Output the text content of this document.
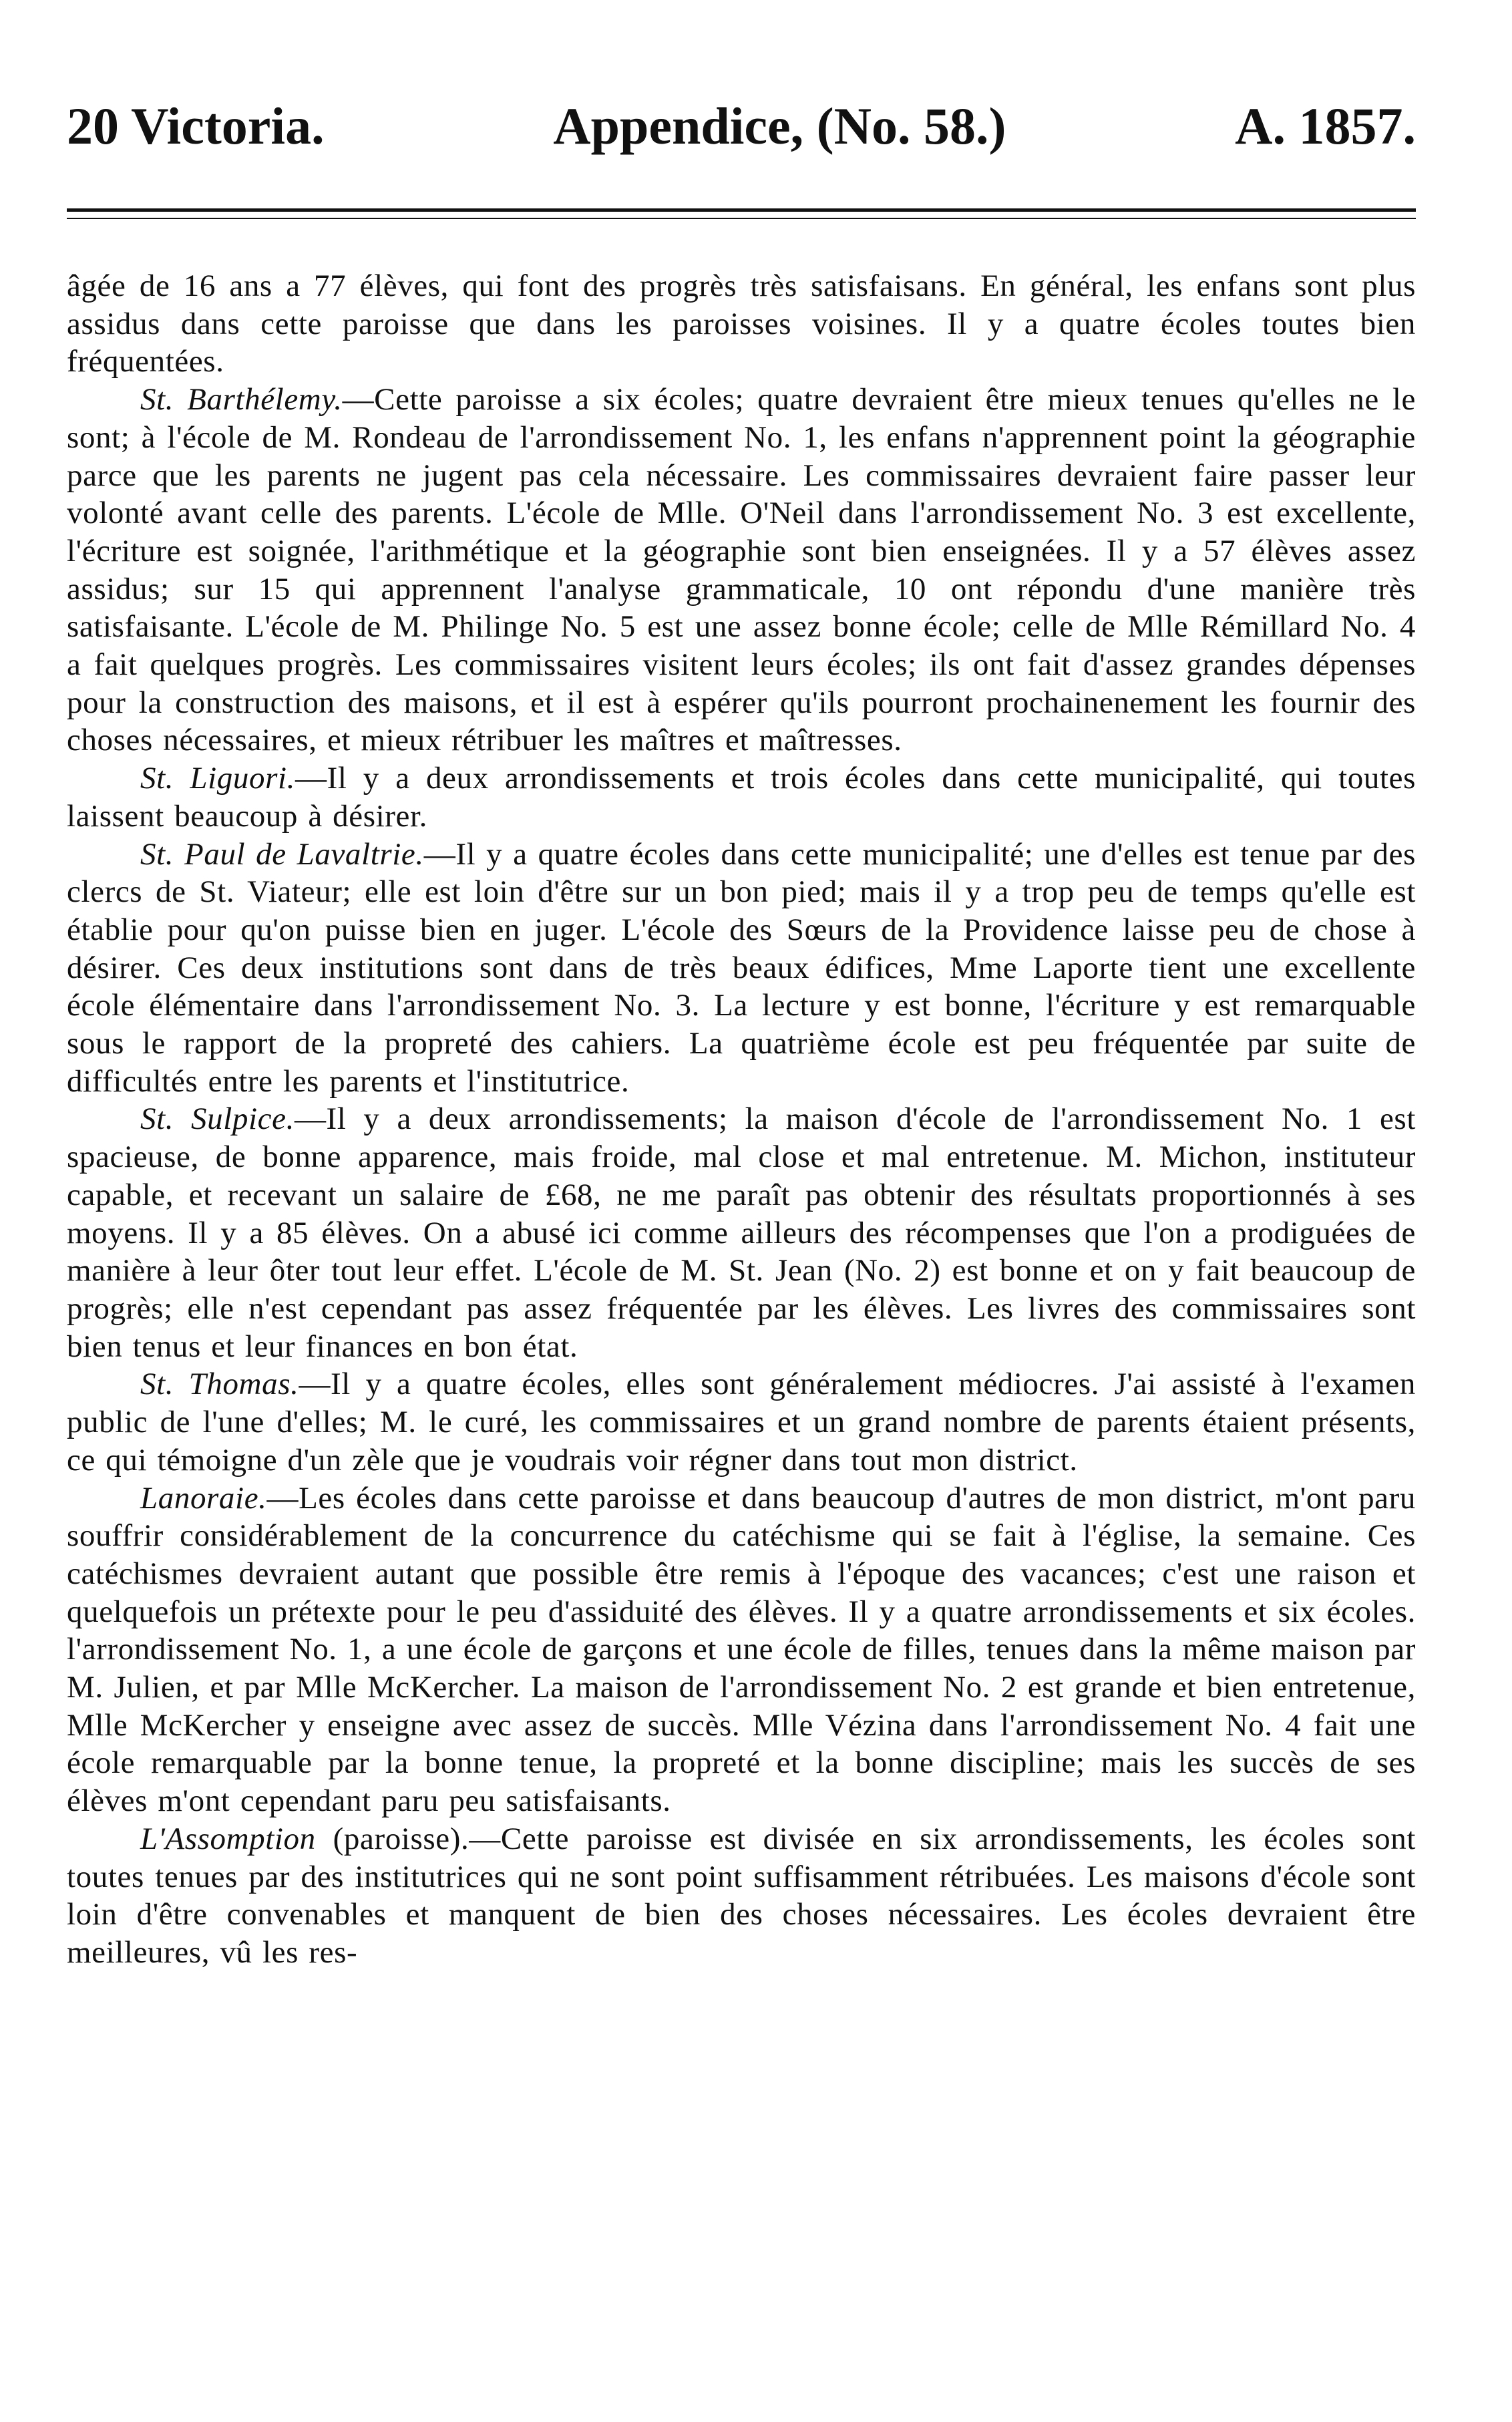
20 Victoria.	Appendice, (No. 58.)	A. 1857.

âgée de 16 ans a 77 élèves, qui font des progrès très satisfaisans. En général, les enfans sont plus assidus dans cette paroisse que dans les paroisses voisines. Il y a quatre écoles toutes bien fréquentées.

St. Barthélemy.—Cette paroisse a six écoles; quatre devraient être mieux tenues qu'elles ne le sont; à l'école de M. Rondeau de l'arrondissement No. 1, les enfans n'apprennent point la géographie parce que les parents ne jugent pas cela nécessaire. Les commissaires devraient faire passer leur volonté avant celle des parents. L'école de Mlle. O'Neil dans l'arrondissement No. 3 est excellente, l'écriture est soignée, l'arithmétique et la géographie sont bien enseignées. Il y a 57 élèves assez assidus; sur 15 qui apprennent l'analyse grammaticale, 10 ont répondu d'une manière très satisfaisante. L'école de M. Philinge No. 5 est une assez bonne école; celle de Mlle Rémillard No. 4 a fait quelques progrès. Les commissaires visitent leurs écoles; ils ont fait d'assez grandes dépenses pour la construction des maisons, et il est à espérer qu'ils pourront prochainenement les fournir des choses nécessaires, et mieux rétribuer les maîtres et maîtresses.

St. Liguori.—Il y a deux arrondissements et trois écoles dans cette municipalité, qui toutes laissent beaucoup à désirer.

St. Paul de Lavaltrie.—Il y a quatre écoles dans cette municipalité; une d'elles est tenue par des clercs de St. Viateur; elle est loin d'être sur un bon pied; mais il y a trop peu de temps qu'elle est établie pour qu'on puisse bien en juger. L'école des Sœurs de la Providence laisse peu de chose à désirer. Ces deux institutions sont dans de très beaux édifices, Mme Laporte tient une excellente école élémentaire dans l'arrondissement No. 3. La lecture y est bonne, l'écriture y est remarquable sous le rapport de la propreté des cahiers. La quatrième école est peu fréquentée par suite de difficultés entre les parents et l'institutrice.

St. Sulpice.—Il y a deux arrondissements; la maison d'école de l'arrondissement No. 1 est spacieuse, de bonne apparence, mais froide, mal close et mal entretenue. M. Michon, instituteur capable, et recevant un salaire de £68, ne me paraît pas obtenir des résultats proportionnés à ses moyens. Il y a 85 élèves. On a abusé ici comme ailleurs des récompenses que l'on a prodiguées de manière à leur ôter tout leur effet. L'école de M. St. Jean (No. 2) est bonne et on y fait beaucoup de progrès; elle n'est cependant pas assez fréquentée par les élèves. Les livres des commissaires sont bien tenus et leur finances en bon état.

St. Thomas.—Il y a quatre écoles, elles sont généralement médiocres. J'ai assisté à l'examen public de l'une d'elles; M. le curé, les commissaires et un grand nombre de parents étaient présents, ce qui témoigne d'un zèle que je voudrais voir régner dans tout mon district.

Lanoraie.—Les écoles dans cette paroisse et dans beaucoup d'autres de mon district, m'ont paru souffrir considérablement de la concurrence du catéchisme qui se fait à l'église, la semaine. Ces catéchismes devraient autant que possible être remis à l'époque des vacances; c'est une raison et quelquefois un prétexte pour le peu d'assiduité des élèves. Il y a quatre arrondissements et six écoles. l'arrondissement No. 1, a une école de garçons et une école de filles, tenues dans la même maison par M. Julien, et par Mlle McKercher. La maison de l'arrondissement No. 2 est grande et bien entretenue, Mlle McKercher y enseigne avec assez de succès. Mlle Vézina dans l'arrondissement No. 4 fait une école remarquable par la bonne tenue, la propreté et la bonne discipline; mais les succès de ses élèves m'ont cependant paru peu satisfaisants.

L'Assomption (paroisse).—Cette paroisse est divisée en six arrondissements, les écoles sont toutes tenues par des institutrices qui ne sont point suffisamment rétribuées. Les maisons d'école sont loin d'être convenables et manquent de bien des choses nécessaires. Les écoles devraient être meilleures, vû les res-
